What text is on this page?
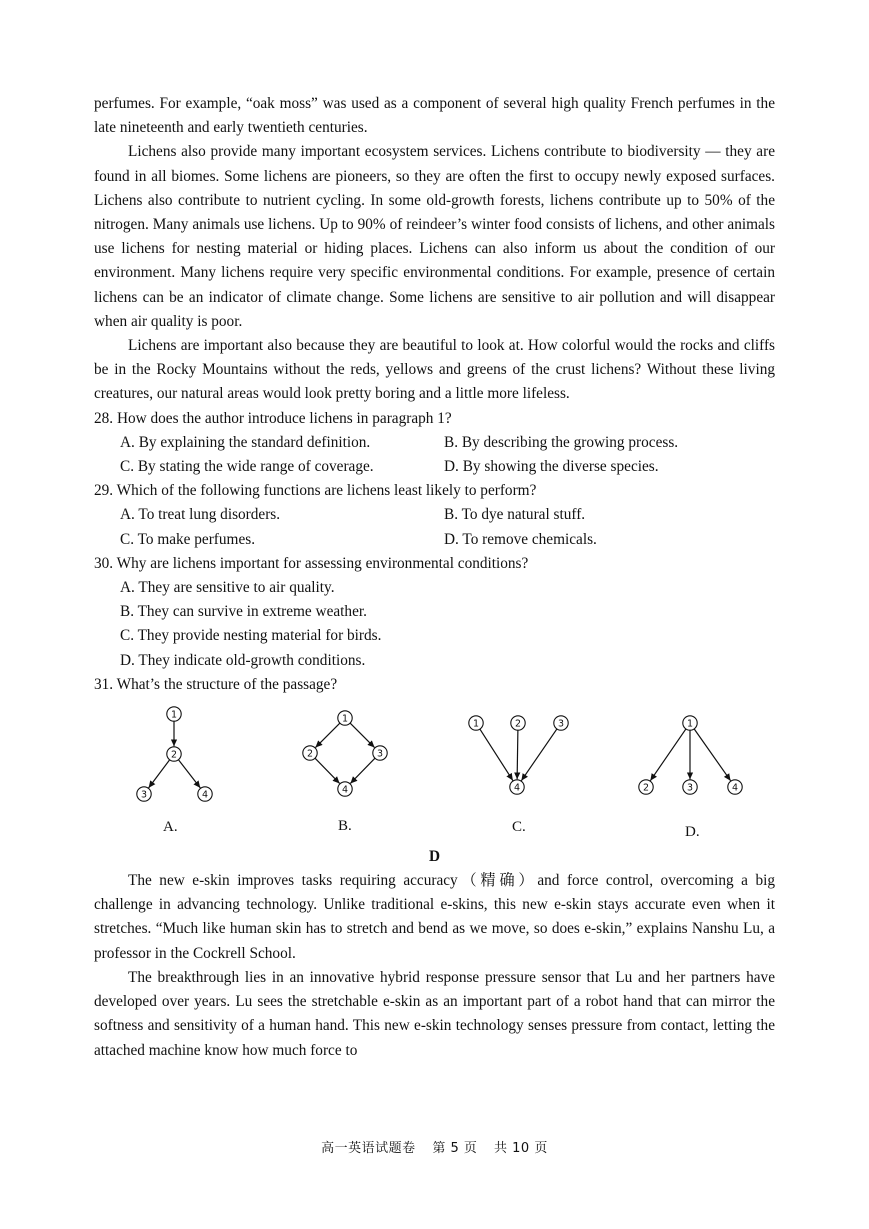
perfumes. For example, “oak moss” was used as a component of several high quality French perfumes in the late nineteenth and early twentieth centuries.

Lichens also provide many important ecosystem services. Lichens contribute to biodiversity — they are found in all biomes. Some lichens are pioneers, so they are often the first to occupy newly exposed surfaces. Lichens also contribute to nutrient cycling. In some old-growth forests, lichens contribute up to 50% of the nitrogen. Many animals use lichens. Up to 90% of reindeer’s winter food consists of lichens, and other animals use lichens for nesting material or hiding places. Lichens can also inform us about the condition of our environment. Many lichens require very specific environmental conditions. For example, presence of certain lichens can be an indicator of climate change. Some lichens are sensitive to air pollution and will disappear when air quality is poor.

Lichens are important also because they are beautiful to look at. How colorful would the rocks and cliffs be in the Rocky Mountains without the reds, yellows and greens of the crust lichens? Without these living creatures, our natural areas would look pretty boring and a little more lifeless.

28. How does the author introduce lichens in paragraph 1?

A. By explaining the standard definition.	B. By describing the growing process.
C. By stating the wide range of coverage.	D. By showing the diverse species.

29. Which of the following functions are lichens least likely to perform?

A. To treat lung disorders.	B. To dye natural stuff.
C. To make perfumes.	D. To remove chemicals.

30. Why are lichens important for assessing environmental conditions?

A. They are sensitive to air quality.

B. They can survive in extreme weather.

C. They provide nesting material for birds.

D. They indicate old-growth conditions.

31. What’s the structure of the passage?

1
2
3	4
1
2	3
4
1	2	3
4
1
2	3	4
A.	B.	C.	D.

D

The new e-skin improves tasks requiring accuracy（精确）and force control, overcoming a big challenge in advancing technology. Unlike traditional e-skins, this new e-skin stays accurate even when it stretches. “Much like human skin has to stretch and bend as we move, so does e-skin,” explains Nanshu Lu, a professor in the Cockrell School.

The breakthrough lies in an innovative hybrid response pressure sensor that Lu and her partners have developed over years. Lu sees the stretchable e-skin as an important part of a robot hand that can mirror the softness and sensitivity of a human hand. This new e-skin technology senses pressure from contact, letting the attached machine know how much force to

高一英语试题卷 第 5 页 共 10 页
